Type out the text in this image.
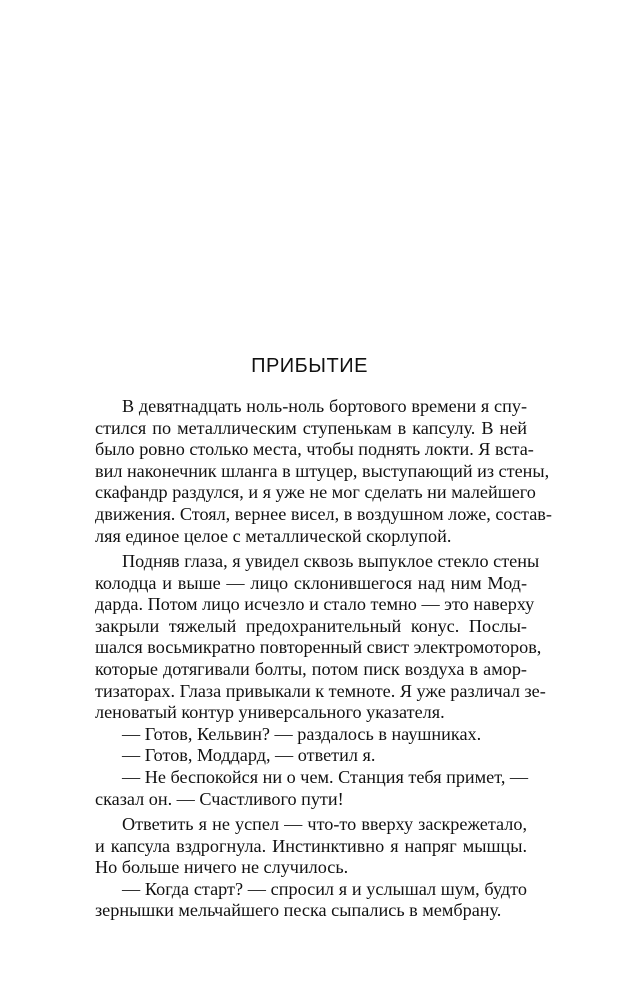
ПРИБЫТИЕ
В девятнадцать ноль-ноль бортового времени я спу-
стился по металлическим ступенькам в капсулу. В ней
было ровно столько места, чтобы поднять локти. Я вста-
вил наконечник шланга в штуцер, выступающий из стены,
скафандр раздулся, и я уже не мог сделать ни малейшего
движения. Стоял, вернее висел, в воздушном ложе, состав-
ляя единое целое с металлической скорлупой.
Подняв глаза, я увидел сквозь выпуклое стекло стены
колодца и выше — лицо склонившегося над ним Мод-
дарда. Потом лицо исчезло и стало темно — это наверху
закрыли тяжелый предохранительный конус. Послы-
шался восьмикратно повторенный свист электромоторов,
которые дотягивали болты, потом писк воздуха в амор-
тизаторах. Глаза привыкали к темноте. Я уже различал зе-
леноватый контур универсального указателя.
— Готов, Кельвин? — раздалось в наушниках.
— Готов, Моддард, — ответил я.
— Не беспокойся ни о чем. Станция тебя примет, —
сказал он. — Счастливого пути!
Ответить я не успел — что-то вверху заскрежетало,
и капсула вздрогнула. Инстинктивно я напряг мышцы.
Но больше ничего не случилось.
— Когда старт? — спросил я и услышал шум, будто
зернышки мельчайшего песка сыпались в мембрану.
